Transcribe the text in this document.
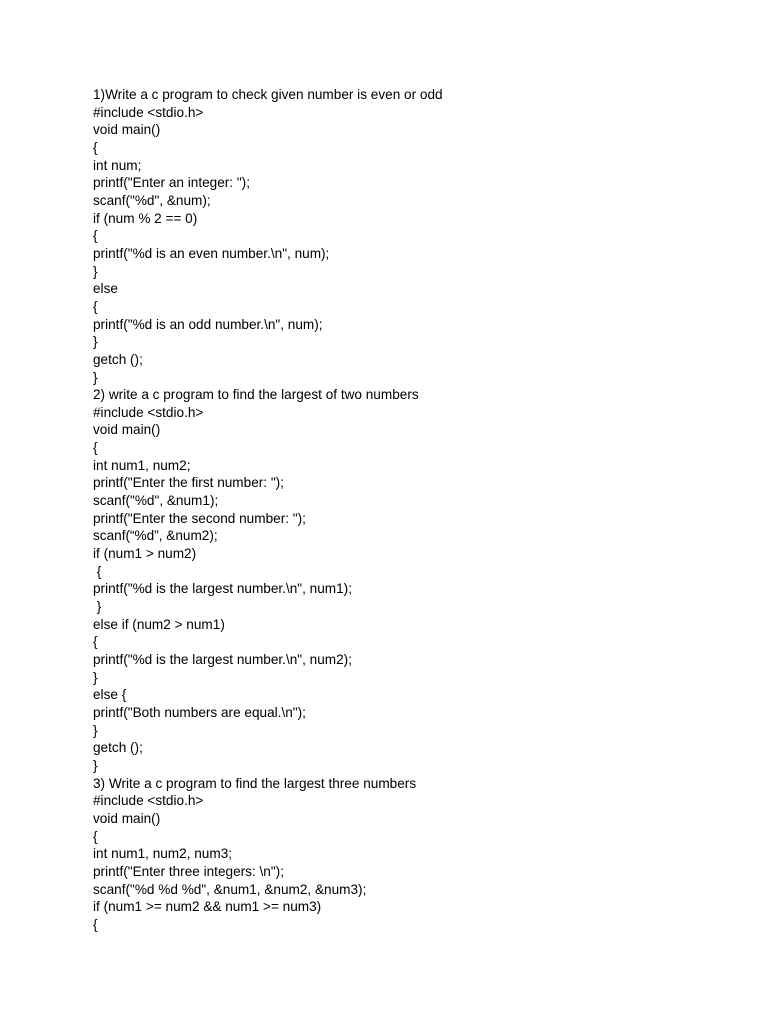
1)Write a c program to check given number is even or odd
#include <stdio.h>
void main()
{
int num;
printf("Enter an integer: ");
scanf("%d", &num);
if (num % 2 == 0)
{
printf("%d is an even number.\n", num);
}
else
{
printf("%d is an odd number.\n", num);
}
getch ();
}
2) write a c program to find the largest of two numbers
#include <stdio.h>
void main()
{
int num1, num2;
printf("Enter the first number: ");
scanf("%d", &num1);
printf("Enter the second number: ");
scanf(“%d”, &num2);
if (num1 > num2)
{
printf("%d is the largest number.\n", num1);
}
else if (num2 > num1)
{
printf("%d is the largest number.\n", num2);
}
else {
printf("Both numbers are equal.\n");
}
getch ();
}
3) Write a c program to find the largest three numbers
#include <stdio.h>
void main()
{
int num1, num2, num3;
printf("Enter three integers: \n");
scanf("%d %d %d", &num1, &num2, &num3);
if (num1 >= num2 && num1 >= num3)
{
